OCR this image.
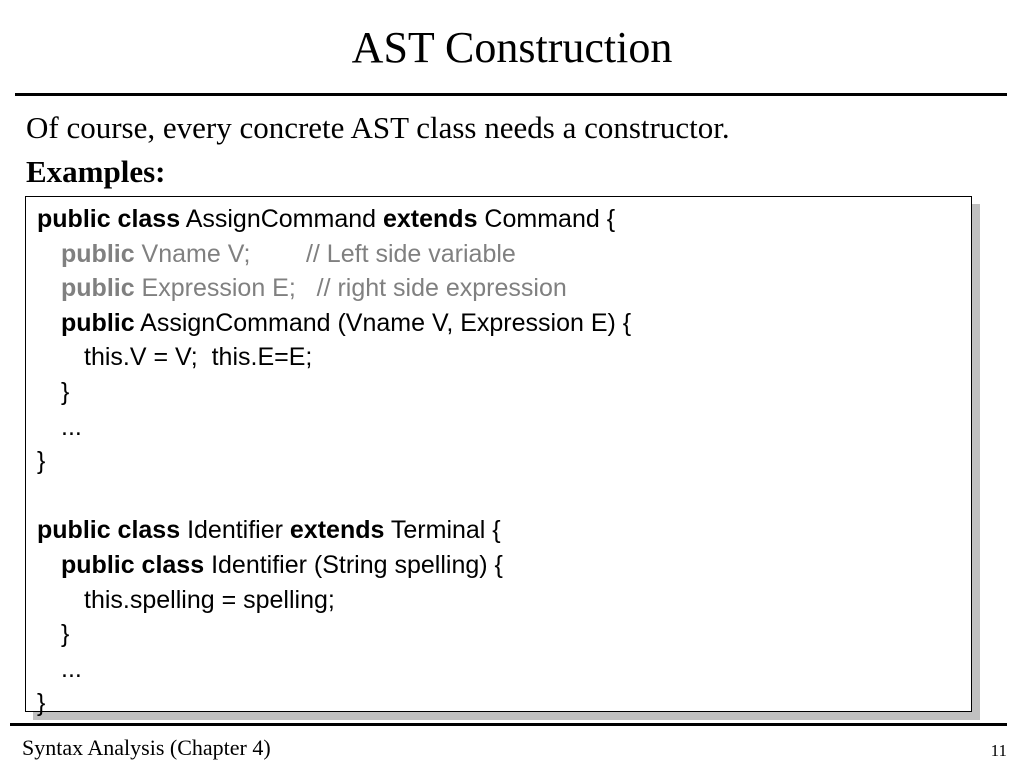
AST Construction
Of course, every concrete AST class needs a constructor.
Examples:
public class AssignCommand extends Command {
public Vname V;        // Left side variable
public Expression E;   // right side expression
public AssignCommand (Vname V, Expression E) {
this.V = V;  this.E=E;
}
...
}
public class Identifier extends Terminal {
public class Identifier (String spelling) {
this.spelling = spelling;
}
...
}
Syntax Analysis (Chapter 4)	11
